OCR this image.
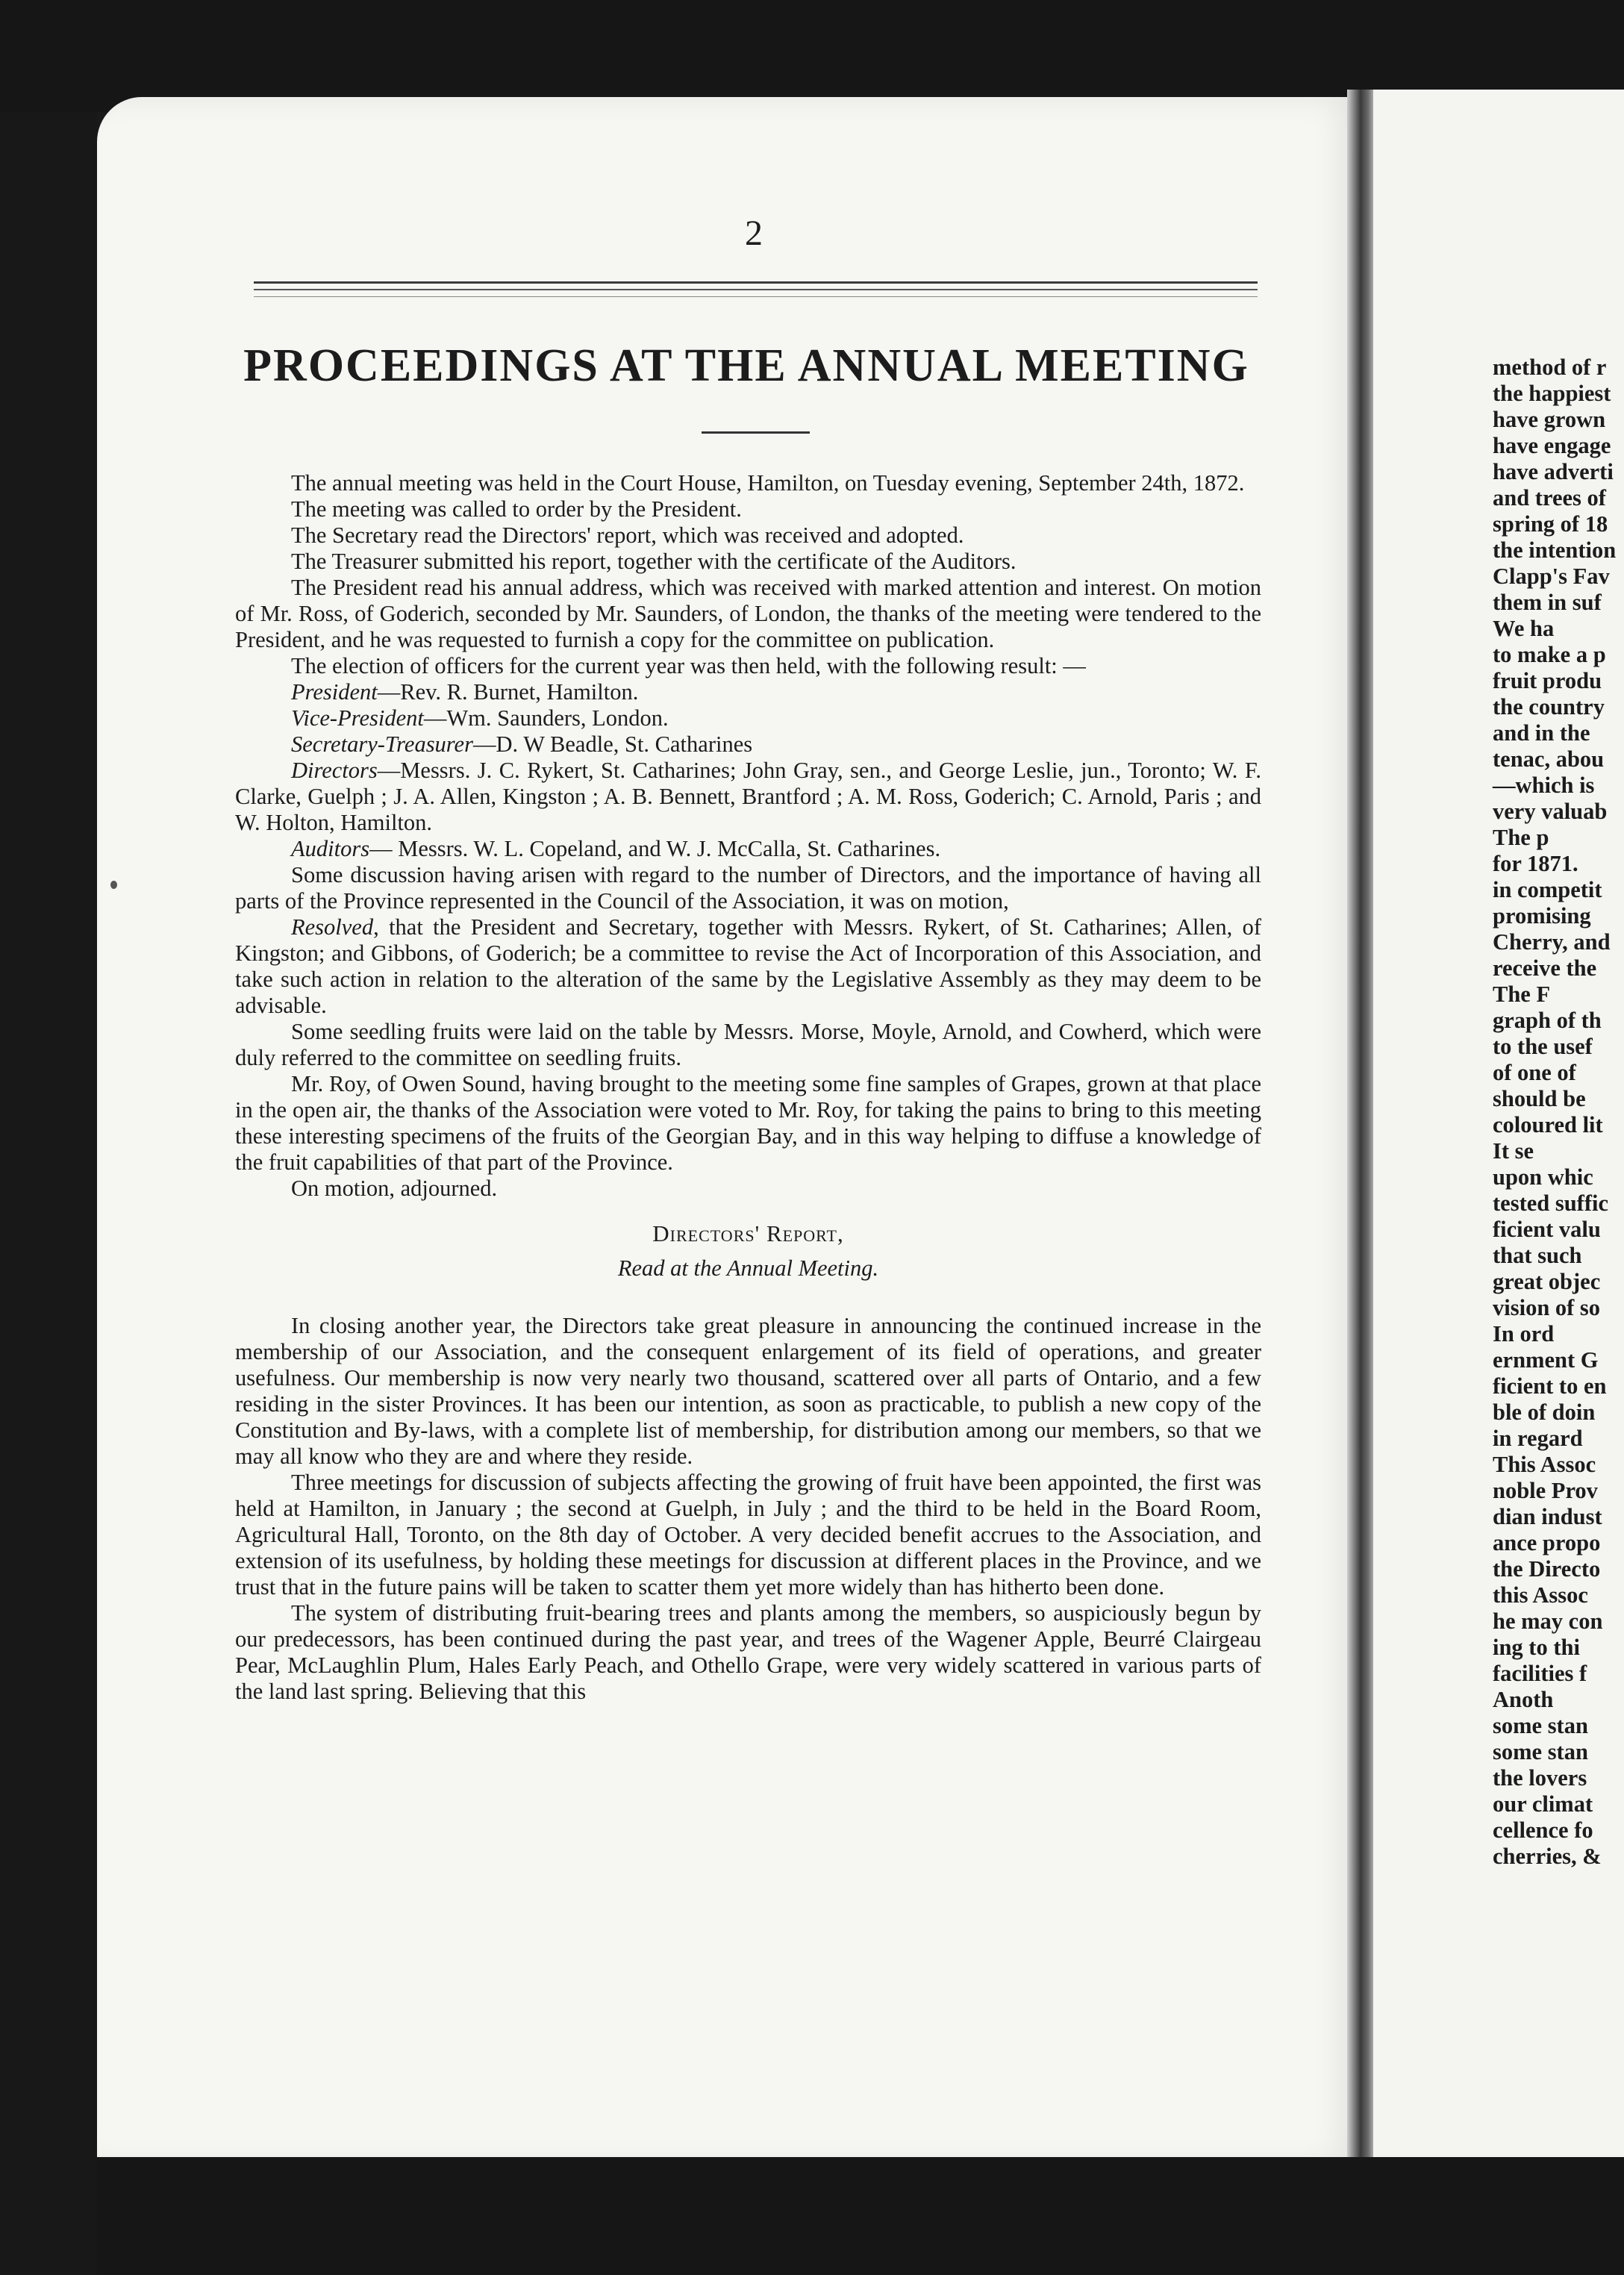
2
PROCEEDINGS AT THE ANNUAL MEETING

The annual meeting was held in the Court House, Hamilton, on Tuesday evening, September 24th, 1872.

The meeting was called to order by the President.

The Secretary read the Directors' report, which was received and adopted.

The Treasurer submitted his report, together with the certificate of the Auditors.

The President read his annual address, which was received with marked attention and interest. On motion of Mr. Ross, of Goderich, seconded by Mr. Saunders, of London, the thanks of the meeting were tendered to the President, and he was requested to furnish a copy for the committee on publication.

The election of officers for the current year was then held, with the following result: —

President—Rev. R. Burnet, Hamilton.

Vice-President—Wm. Saunders, London.

Secretary-Treasurer—D. W Beadle, St. Catharines

Directors—Messrs. J. C. Rykert, St. Catharines; John Gray, sen., and George Leslie, jun., Toronto; W. F. Clarke, Guelph ; J. A. Allen, Kingston ; A. B. Bennett, Brantford ; A. M. Ross, Goderich; C. Arnold, Paris ; and W. Holton, Hamilton.

Auditors— Messrs. W. L. Copeland, and W. J. McCalla, St. Catharines.

Some discussion having arisen with regard to the number of Directors, and the importance of having all parts of the Province represented in the Council of the Association, it was on motion,

Resolved, that the President and Secretary, together with Messrs. Rykert, of St. Catharines; Allen, of Kingston; and Gibbons, of Goderich; be a committee to revise the Act of Incorporation of this Association, and take such action in relation to the alteration of the same by the Legislative Assembly as they may deem to be advisable.

Some seedling fruits were laid on the table by Messrs. Morse, Moyle, Arnold, and Cowherd, which were duly referred to the committee on seedling fruits.

Mr. Roy, of Owen Sound, having brought to the meeting some fine samples of Grapes, grown at that place in the open air, the thanks of the Association were voted to Mr. Roy, for taking the pains to bring to this meeting these interesting specimens of the fruits of the Georgian Bay, and in this way helping to diffuse a knowledge of the fruit capabilities of that part of the Province.

On motion, adjourned.

Directors' Report,

Read at the Annual Meeting.

In closing another year, the Directors take great pleasure in announcing the continued increase in the membership of our Association, and the consequent enlargement of its field of operations, and greater usefulness. Our membership is now very nearly two thousand, scattered over all parts of Ontario, and a few residing in the sister Provinces. It has been our intention, as soon as practicable, to publish a new copy of the Constitution and By-laws, with a complete list of membership, for distribution among our members, so that we may all know who they are and where they reside.

Three meetings for discussion of subjects affecting the growing of fruit have been appointed, the first was held at Hamilton, in January ; the second at Guelph, in July ; and the third to be held in the Board Room, Agricultural Hall, Toronto, on the 8th day of October. A very decided benefit accrues to the Association, and extension of its usefulness, by holding these meetings for discussion at different places in the Province, and we trust that in the future pains will be taken to scatter them yet more widely than has hitherto been done.

The system of distributing fruit-bearing trees and plants among the members, so auspiciously begun by our predecessors, has been continued during the past year, and trees of the Wagener Apple, Beurré Clairgeau Pear, McLaughlin Plum, Hales Early Peach, and Othello Grape, were very widely scattered in various parts of the land last spring. Believing that this

method of r
the happiest
have grown
have engage
have adverti
and trees of
spring of 18
the intention
Clapp's Fav
them in suf
We ha
to make a p
fruit produ
the country
and in the
tenac, abou
—which is
very valuab
The p
for 1871.
in competit
promising
Cherry, and
receive the
The F
graph of th
to the usef
of one of
should be
coloured lit
It se
upon whic
tested suffic
ficient valu
that such
great objec
vision of so
In ord
ernment G
ficient to en
ble of doin
in regard
This Assoc
noble Prov
dian indust
ance propo
the Directo
this Assoc
he may con
ing to thi
facilities f
Anoth
some stan
some stan
the lovers
our climat
cellence fo
cherries, &
